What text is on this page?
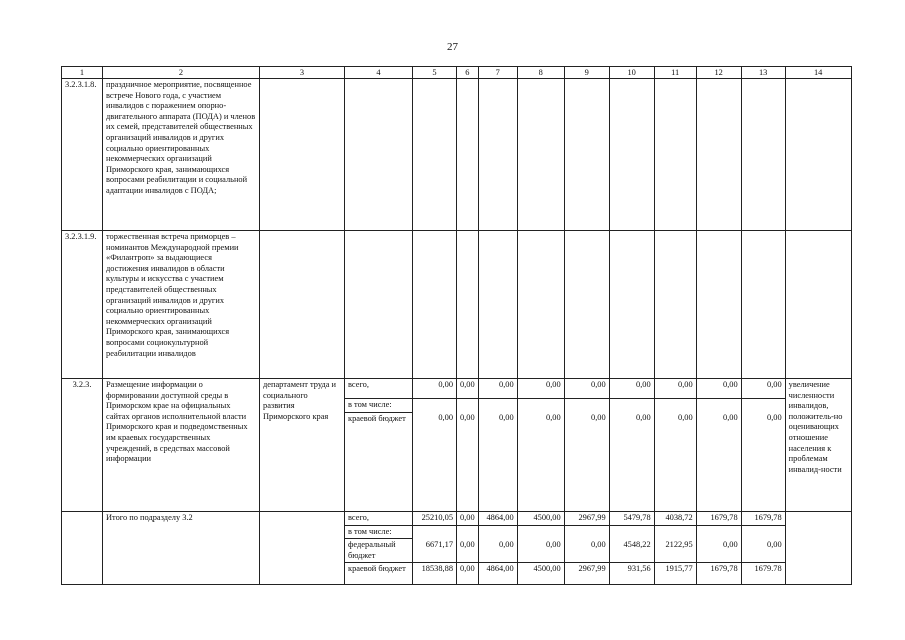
27
1	2	3	4	5	6	7	8	9	10	11	12	13	14
3.2.3.1.8.	праздничное мероприятие, посвященное встрече Нового года, с участием инвалидов с поражением опорно-двигательного аппарата (ПОДА) и членов их семей, представителей общественных организаций инвалидов и других социально ориентированных некоммерческих организаций Приморского края, занимающихся вопросами реабилитации и социальной адаптации инвалидов с ПОДА;												
3.2.3.1.9.	торжественная встреча приморцев – номинантов Международной премии «Филантроп» за выдающиеся достижения инвалидов в области культуры и искусства с участием представителей общественных организаций инвалидов и других социально ориентированных некоммерческих организаций Приморского края, занимающихся вопросами социокультурной реабилитации инвалидов												
3.2.3.	Размещение информации о формировании доступной среды в Приморском крае на официальных сайтах органов исполнительной власти Приморского края и подведомственных им краевых государственных учреждений, в средствах массовой информации	департамент труда и социального развития Приморского края	всего,	0,00	0,00	0,00	0,00	0,00	0,00	0,00	0,00	0,00	увеличение численности инвалидов, положитель-но оценивающих отношение населения к проблемам инвалид-ности
			в том числе:										
			краевой бюджет	0,00	0,00	0,00	0,00	0,00	0,00	0,00	0,00	0,00	
	Итого по подразделу 3.2		всего,	25210,05	0,00	4864,00	4500,00	2967,99	5479,78	4038,72	1679,78	1679,78	
			в том числе:										
			федеральный бюджет	6671,17	0,00	0,00	0,00	0,00	4548,22	2122,95	0,00	0,00	
			краевой бюджет	18538,88	0,00	4864,00	4500,00	2967,99	931,56	1915,77	1679,78	1679.78	
